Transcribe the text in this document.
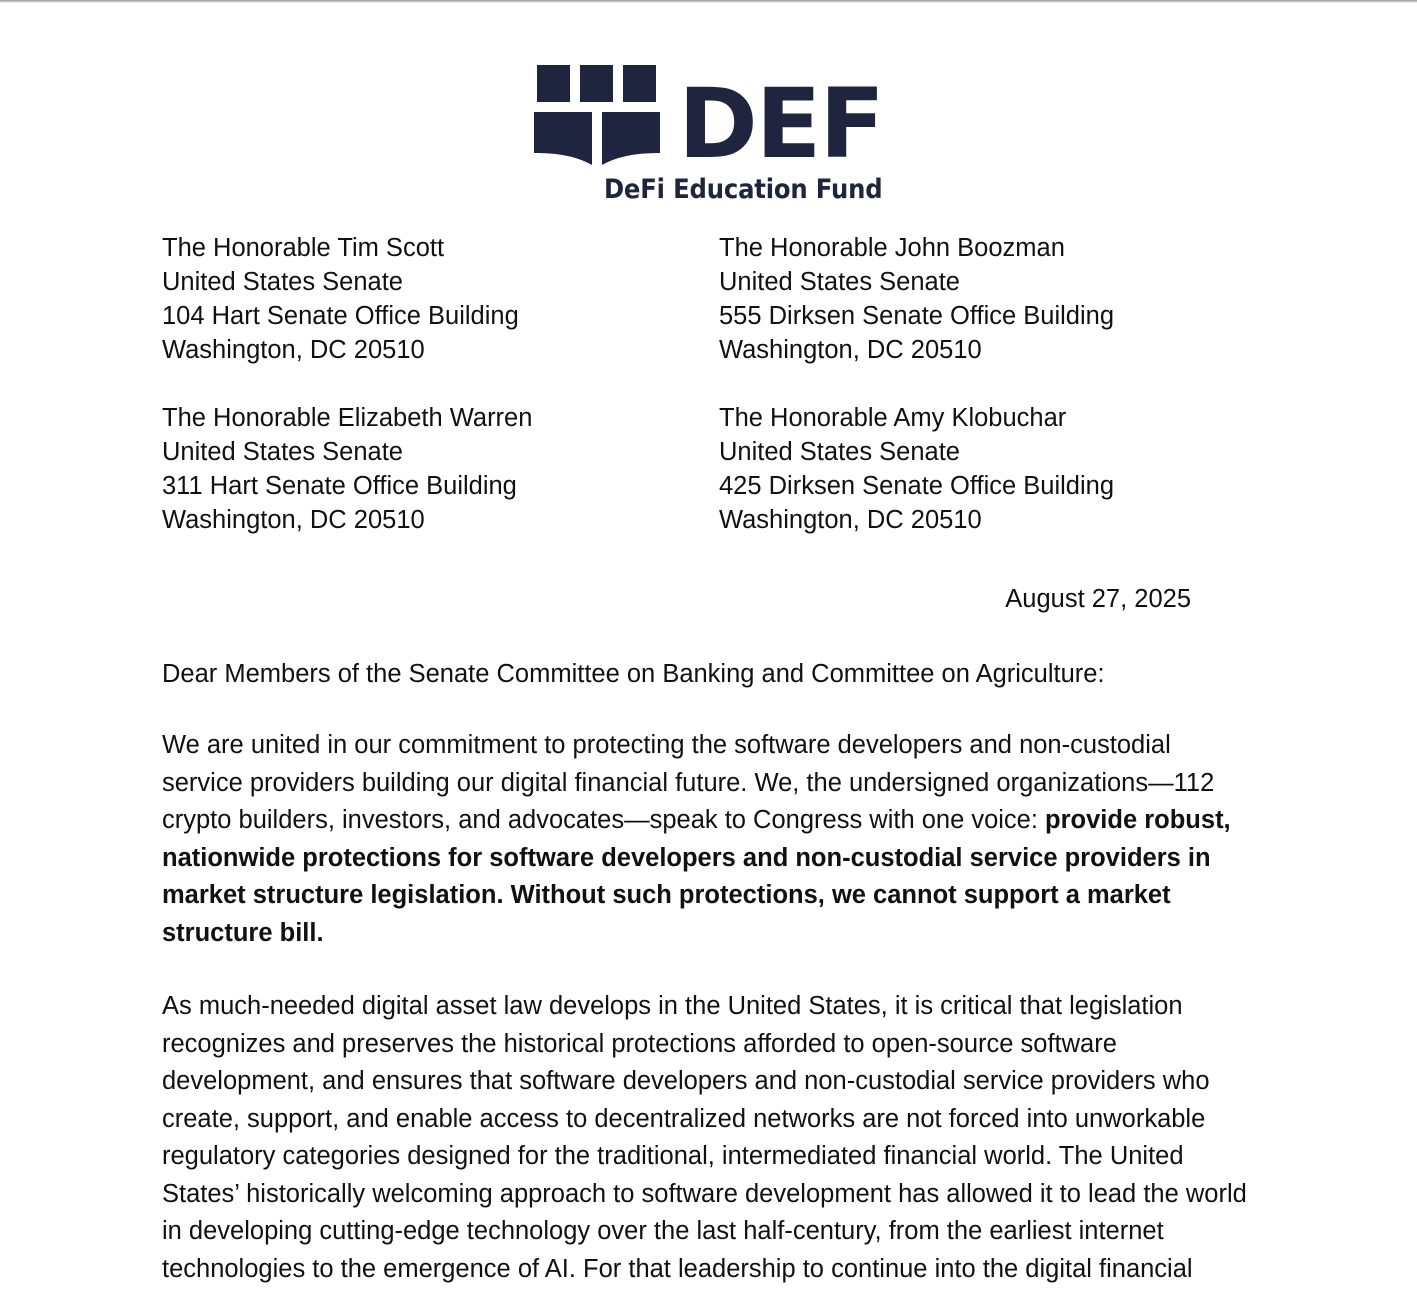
DEF
DeFi Education Fund
The Honorable Tim Scott
United States Senate
104 Hart Senate Office Building
Washington, DC 20510
The Honorable John Boozman
United States Senate
555 Dirksen Senate Office Building
Washington, DC 20510
The Honorable Elizabeth Warren
United States Senate
311 Hart Senate Office Building
Washington, DC 20510
The Honorable Amy Klobuchar
United States Senate
425 Dirksen Senate Office Building
Washington, DC 20510
August 27, 2025
Dear Members of the Senate Committee on Banking and Committee on Agriculture:

We are united in our commitment to protecting the software developers and non-custodial service providers building our digital financial future. We, the undersigned organizations—112 crypto builders, investors, and advocates—speak to Congress with one voice: provide robust, nationwide protections for software developers and non-custodial service providers in market structure legislation. Without such protections, we cannot support a market structure bill.

As much-needed digital asset law develops in the United States, it is critical that legislation recognizes and preserves the historical protections afforded to open-source software development, and ensures that software developers and non-custodial service providers who create, support, and enable access to decentralized networks are not forced into unworkable regulatory categories designed for the traditional, intermediated financial world. The United States’ historically welcoming approach to software development has allowed it to lead the world in developing cutting-edge technology over the last half-century, from the earliest internet technologies to the emergence of AI. For that leadership to continue into the digital financial
